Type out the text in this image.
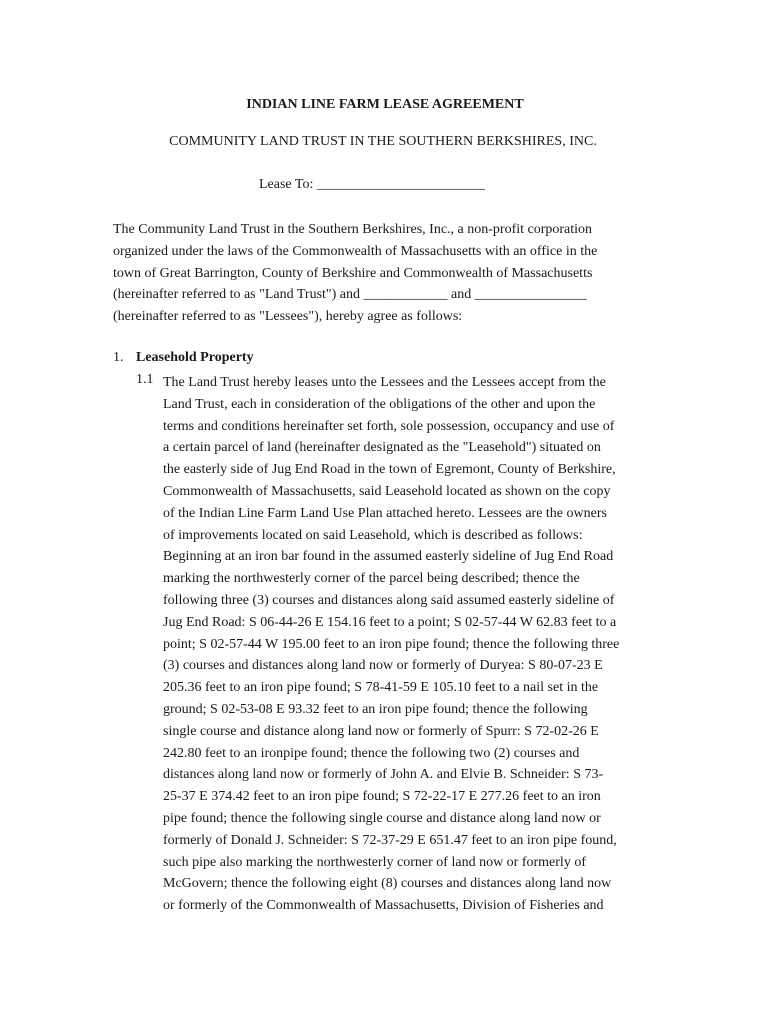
INDIAN LINE FARM LEASE AGREEMENT
COMMUNITY LAND TRUST IN THE SOUTHERN BERKSHIRES, INC.
Lease To: ________________________
The Community Land Trust in the Southern Berkshires, Inc., a non-profit corporation
organized under the laws of the Commonwealth of Massachusetts with an office in the
town of Great Barrington, County of Berkshire and Commonwealth of Massachusetts
(hereinafter referred to as "Land Trust") and ____________ and ________________
(hereinafter referred to as "Lessees"), hereby agree as follows:
1. Leasehold Property
1.1 The Land Trust hereby leases unto the Lessees and the Lessees accept from the
Land Trust, each in consideration of the obligations of the other and upon the
terms and conditions hereinafter set forth, sole possession, occupancy and use of
a certain parcel of land (hereinafter designated as the "Leasehold") situated on
the easterly side of Jug End Road in the town of Egremont, County of Berkshire,
Commonwealth of Massachusetts, said Leasehold located as shown on the copy
of the Indian Line Farm Land Use Plan attached hereto. Lessees are the owners
of improvements located on said Leasehold, which is described as follows:
Beginning at an iron bar found in the assumed easterly sideline of Jug End Road
marking the northwesterly corner of the parcel being described; thence the
following three (3) courses and distances along said assumed easterly sideline of
Jug End Road: S 06-44-26 E 154.16 feet to a point; S 02-57-44 W 62.83 feet to a
point; S 02-57-44 W 195.00 feet to an iron pipe found; thence the following three
(3) courses and distances along land now or formerly of Duryea: S 80-07-23 E
205.36 feet to an iron pipe found; S 78-41-59 E 105.10 feet to a nail set in the
ground; S 02-53-08 E 93.32 feet to an iron pipe found; thence the following
single course and distance along land now or formerly of Spurr: S 72-02-26 E
242.80 feet to an ironpipe found; thence the following two (2) courses and
distances along land now or formerly of John A. and Elvie B. Schneider: S 73-
25-37 E 374.42 feet to an iron pipe found; S 72-22-17 E 277.26 feet to an iron
pipe found; thence the following single course and distance along land now or
formerly of Donald J. Schneider: S 72-37-29 E 651.47 feet to an iron pipe found,
such pipe also marking the northwesterly corner of land now or formerly of
McGovern; thence the following eight (8) courses and distances along land now
or formerly of the Commonwealth of Massachusetts, Division of Fisheries and
